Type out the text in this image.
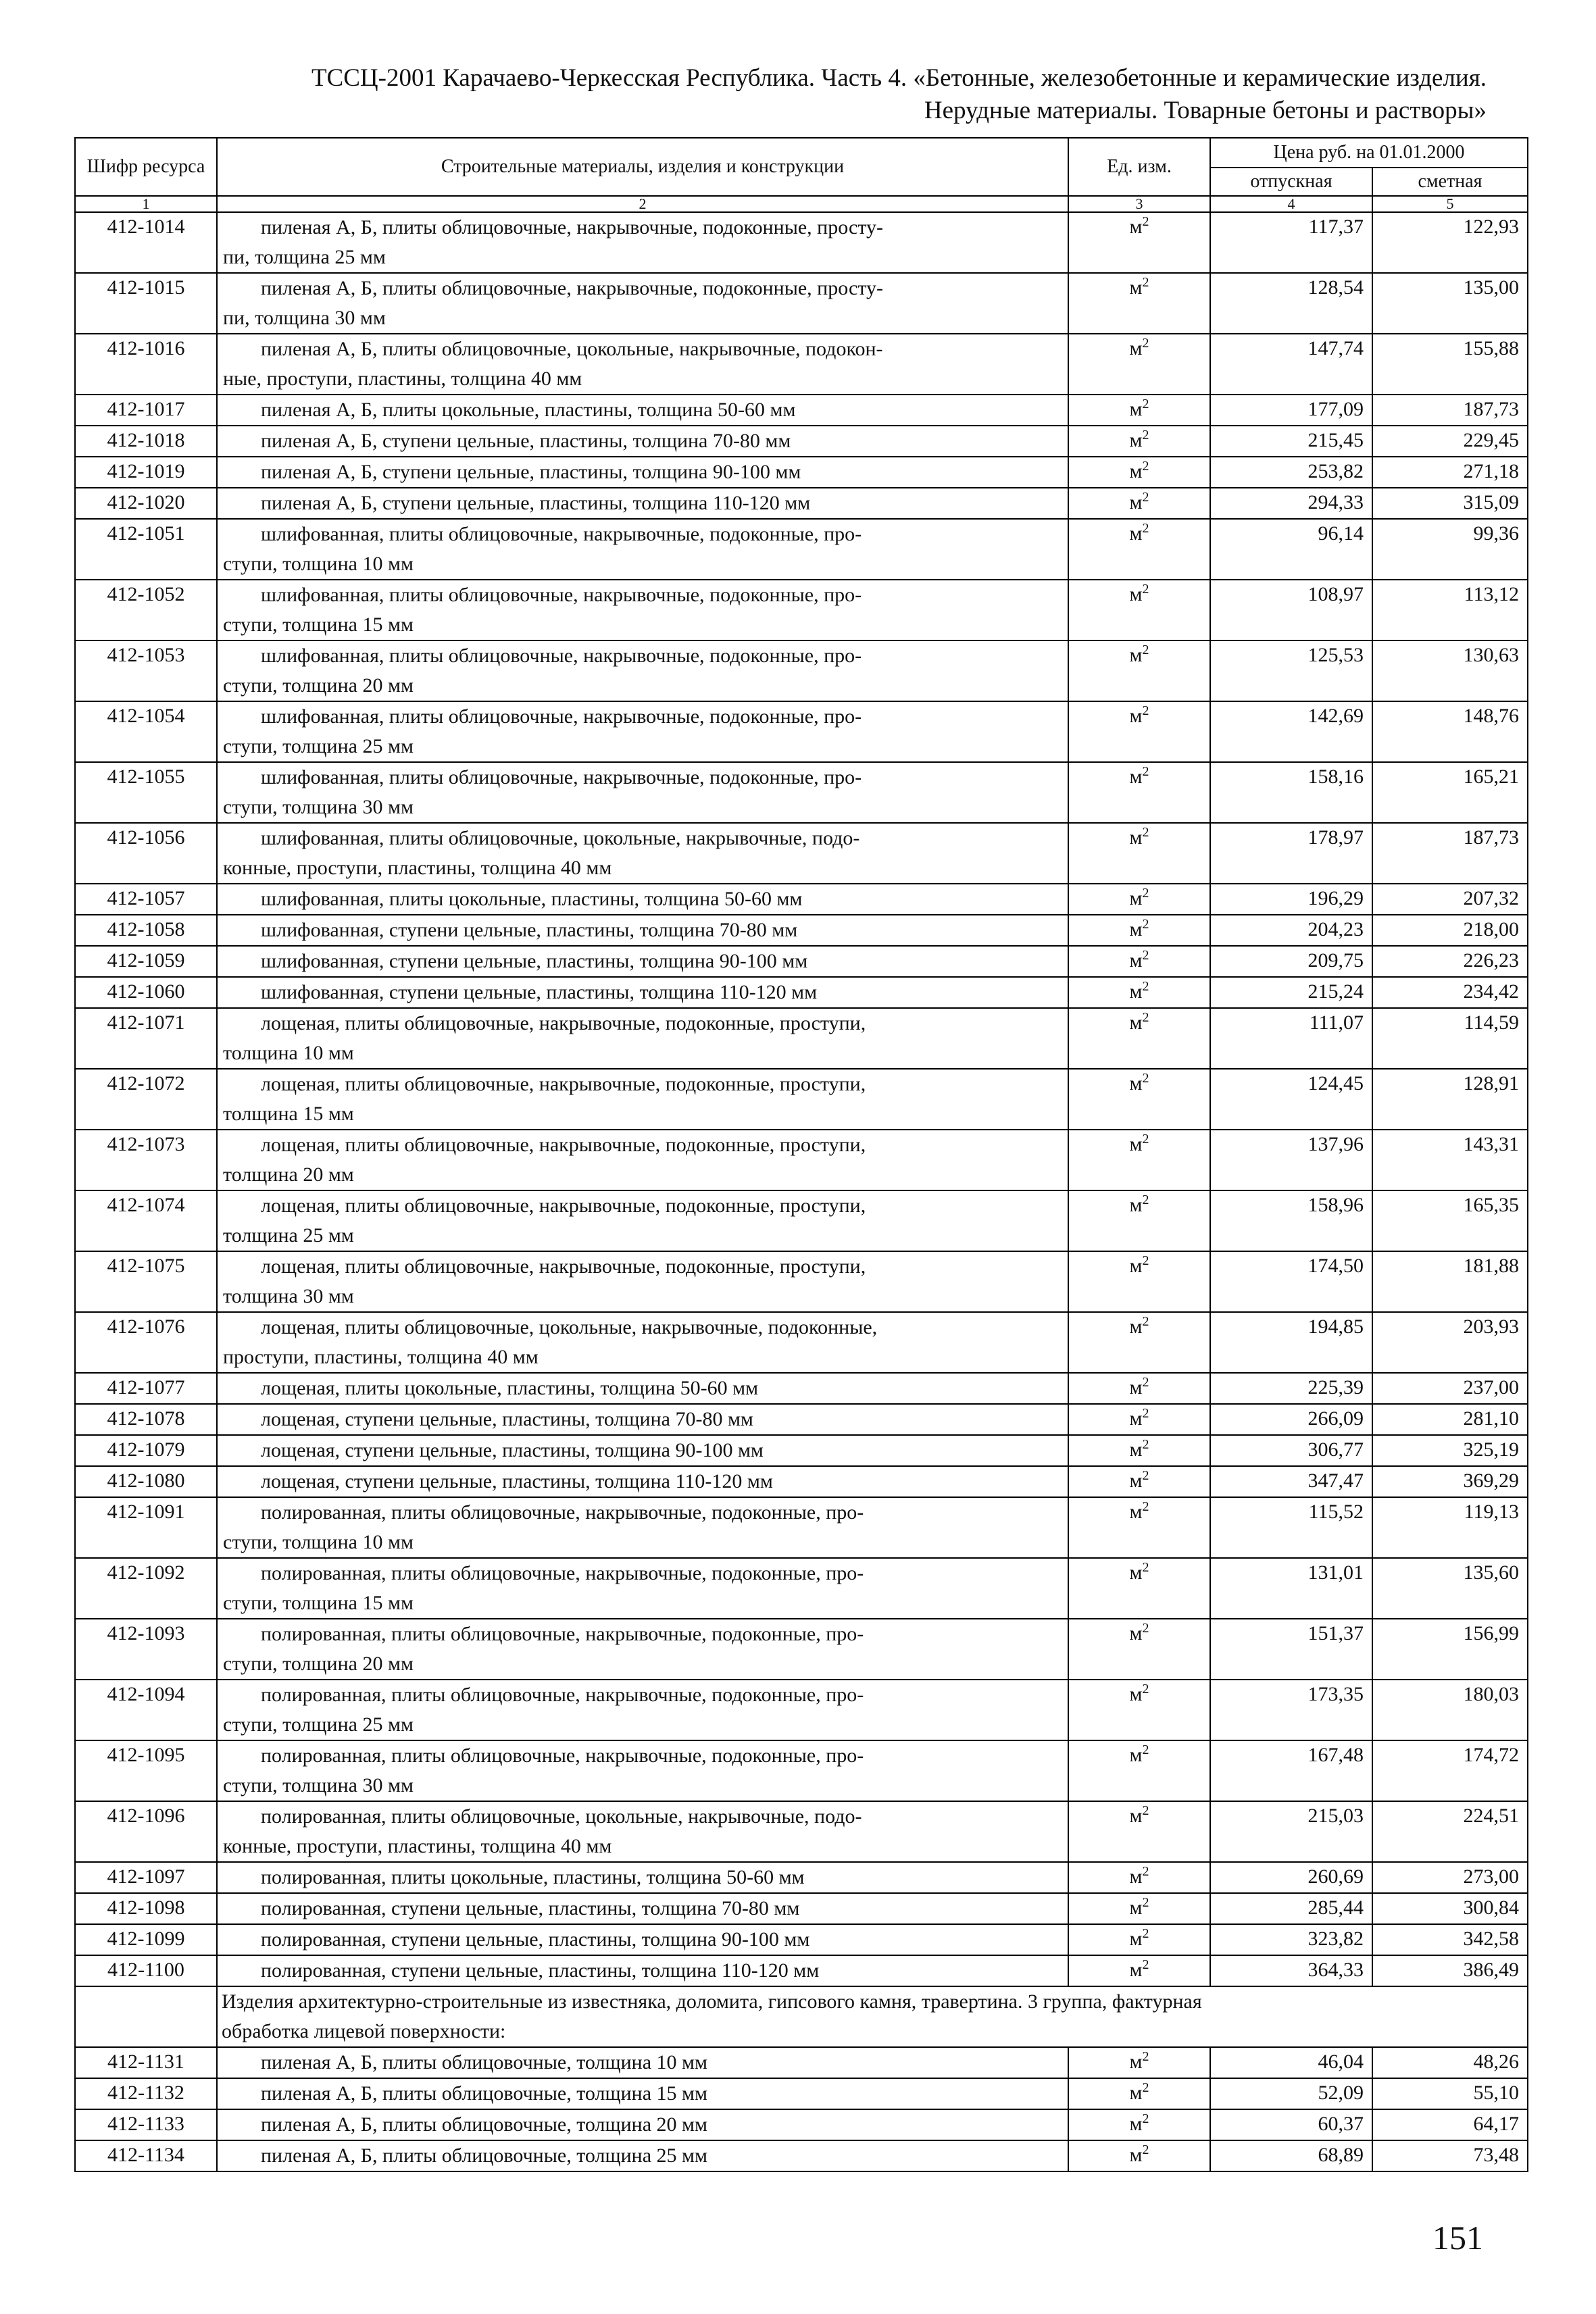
ТССЦ-2001 Карачаево-Черкесская Республика. Часть 4. «Бетонные, железобетонные и керамические изделия.
Нерудные материалы. Товарные бетоны и растворы»
Шифр ресурса	Строительные материалы, изделия и конструкции	Ед. изм.	Цена руб. на 01.01.2000	
			отпускная	сметная
1	2	3	4	5
412-1014	пиленая А, Б, плиты облицовочные, накрывочные, подоконные, просту-
пи, толщина 25 мм	$м^2$	117,37	122,93
412-1015	пиленая А, Б, плиты облицовочные, накрывочные, подоконные, просту-
пи, толщина 30 мм	$м^2$	128,54	135,00
412-1016	пиленая А, Б, плиты облицовочные, цокольные, накрывочные, подокон-
ные, проступи, пластины, толщина 40 мм	$м^2$	147,74	155,88
412-1017	пиленая А, Б, плиты цокольные, пластины, толщина 50-60 мм	$м^2$	177,09	187,73
412-1018	пиленая А, Б, ступени цельные, пластины, толщина 70-80 мм	$м^2$	215,45	229,45
412-1019	пиленая А, Б, ступени цельные, пластины, толщина 90-100 мм	$м^2$	253,82	271,18
412-1020	пиленая А, Б, ступени цельные, пластины, толщина 110-120 мм	$м^2$	294,33	315,09
412-1051	шлифованная, плиты облицовочные, накрывочные, подоконные, про-
ступи, толщина 10 мм	$м^2$	96,14	99,36
412-1052	шлифованная, плиты облицовочные, накрывочные, подоконные, про-
ступи, толщина 15 мм	$м^2$	108,97	113,12
412-1053	шлифованная, плиты облицовочные, накрывочные, подоконные, про-
ступи, толщина 20 мм	$м^2$	125,53	130,63
412-1054	шлифованная, плиты облицовочные, накрывочные, подоконные, про-
ступи, толщина 25 мм	$м^2$	142,69	148,76
412-1055	шлифованная, плиты облицовочные, накрывочные, подоконные, про-
ступи, толщина 30 мм	$м^2$	158,16	165,21
412-1056	шлифованная, плиты облицовочные, цокольные, накрывочные, подо-
конные, проступи, пластины, толщина 40 мм	$м^2$	178,97	187,73
412-1057	шлифованная, плиты цокольные, пластины, толщина 50-60 мм	$м^2$	196,29	207,32
412-1058	шлифованная, ступени цельные, пластины, толщина 70-80 мм	$м^2$	204,23	218,00
412-1059	шлифованная, ступени цельные, пластины, толщина 90-100 мм	$м^2$	209,75	226,23
412-1060	шлифованная, ступени цельные, пластины, толщина 110-120 мм	$м^2$	215,24	234,42
412-1071	лощеная, плиты облицовочные, накрывочные, подоконные, проступи,
толщина 10 мм	$м^2$	111,07	114,59
412-1072	лощеная, плиты облицовочные, накрывочные, подоконные, проступи,
толщина 15 мм	$м^2$	124,45	128,91
412-1073	лощеная, плиты облицовочные, накрывочные, подоконные, проступи,
толщина 20 мм	$м^2$	137,96	143,31
412-1074	лощеная, плиты облицовочные, накрывочные, подоконные, проступи,
толщина 25 мм	$м^2$	158,96	165,35
412-1075	лощеная, плиты облицовочные, накрывочные, подоконные, проступи,
толщина 30 мм	$м^2$	174,50	181,88
412-1076	лощеная, плиты облицовочные, цокольные, накрывочные, подоконные,
проступи, пластины, толщина 40 мм	$м^2$	194,85	203,93
412-1077	лощеная, плиты цокольные, пластины, толщина 50-60 мм	$м^2$	225,39	237,00
412-1078	лощеная, ступени цельные, пластины, толщина 70-80 мм	$м^2$	266,09	281,10
412-1079	лощеная, ступени цельные, пластины, толщина 90-100 мм	$м^2$	306,77	325,19
412-1080	лощеная, ступени цельные, пластины, толщина 110-120 мм	$м^2$	347,47	369,29
412-1091	полированная, плиты облицовочные, накрывочные, подоконные, про-
ступи, толщина 10 мм	$м^2$	115,52	119,13
412-1092	полированная, плиты облицовочные, накрывочные, подоконные, про-
ступи, толщина 15 мм	$м^2$	131,01	135,60
412-1093	полированная, плиты облицовочные, накрывочные, подоконные, про-
ступи, толщина 20 мм	$м^2$	151,37	156,99
412-1094	полированная, плиты облицовочные, накрывочные, подоконные, про-
ступи, толщина 25 мм	$м^2$	173,35	180,03
412-1095	полированная, плиты облицовочные, накрывочные, подоконные, про-
ступи, толщина 30 мм	$м^2$	167,48	174,72
412-1096	полированная, плиты облицовочные, цокольные, накрывочные, подо-
конные, проступи, пластины, толщина 40 мм	$м^2$	215,03	224,51
412-1097	полированная, плиты цокольные, пластины, толщина 50-60 мм	$м^2$	260,69	273,00
412-1098	полированная, ступени цельные, пластины, толщина 70-80 мм	$м^2$	285,44	300,84
412-1099	полированная, ступени цельные, пластины, толщина 90-100 мм	$м^2$	323,82	342,58
412-1100	полированная, ступени цельные, пластины, толщина 110-120 мм	$м^2$	364,33	386,49

	Изделия архитектурно-строительные из известняка, доломита, гипсового камня, травертина. 3 группа, фактурная
обработка лицевой поверхности:			

412-1131	пиленая А, Б, плиты облицовочные, толщина 10 мм	$м^2$	46,04	48,26
412-1132	пиленая А, Б, плиты облицовочные, толщина 15 мм	$м^2$	52,09	55,10
412-1133	пиленая А, Б, плиты облицовочные, толщина 20 мм	$м^2$	60,37	64,17
412-1134	пиленая А, Б, плиты облицовочные, толщина 25 мм	$м^2$	68,89	73,48
151
